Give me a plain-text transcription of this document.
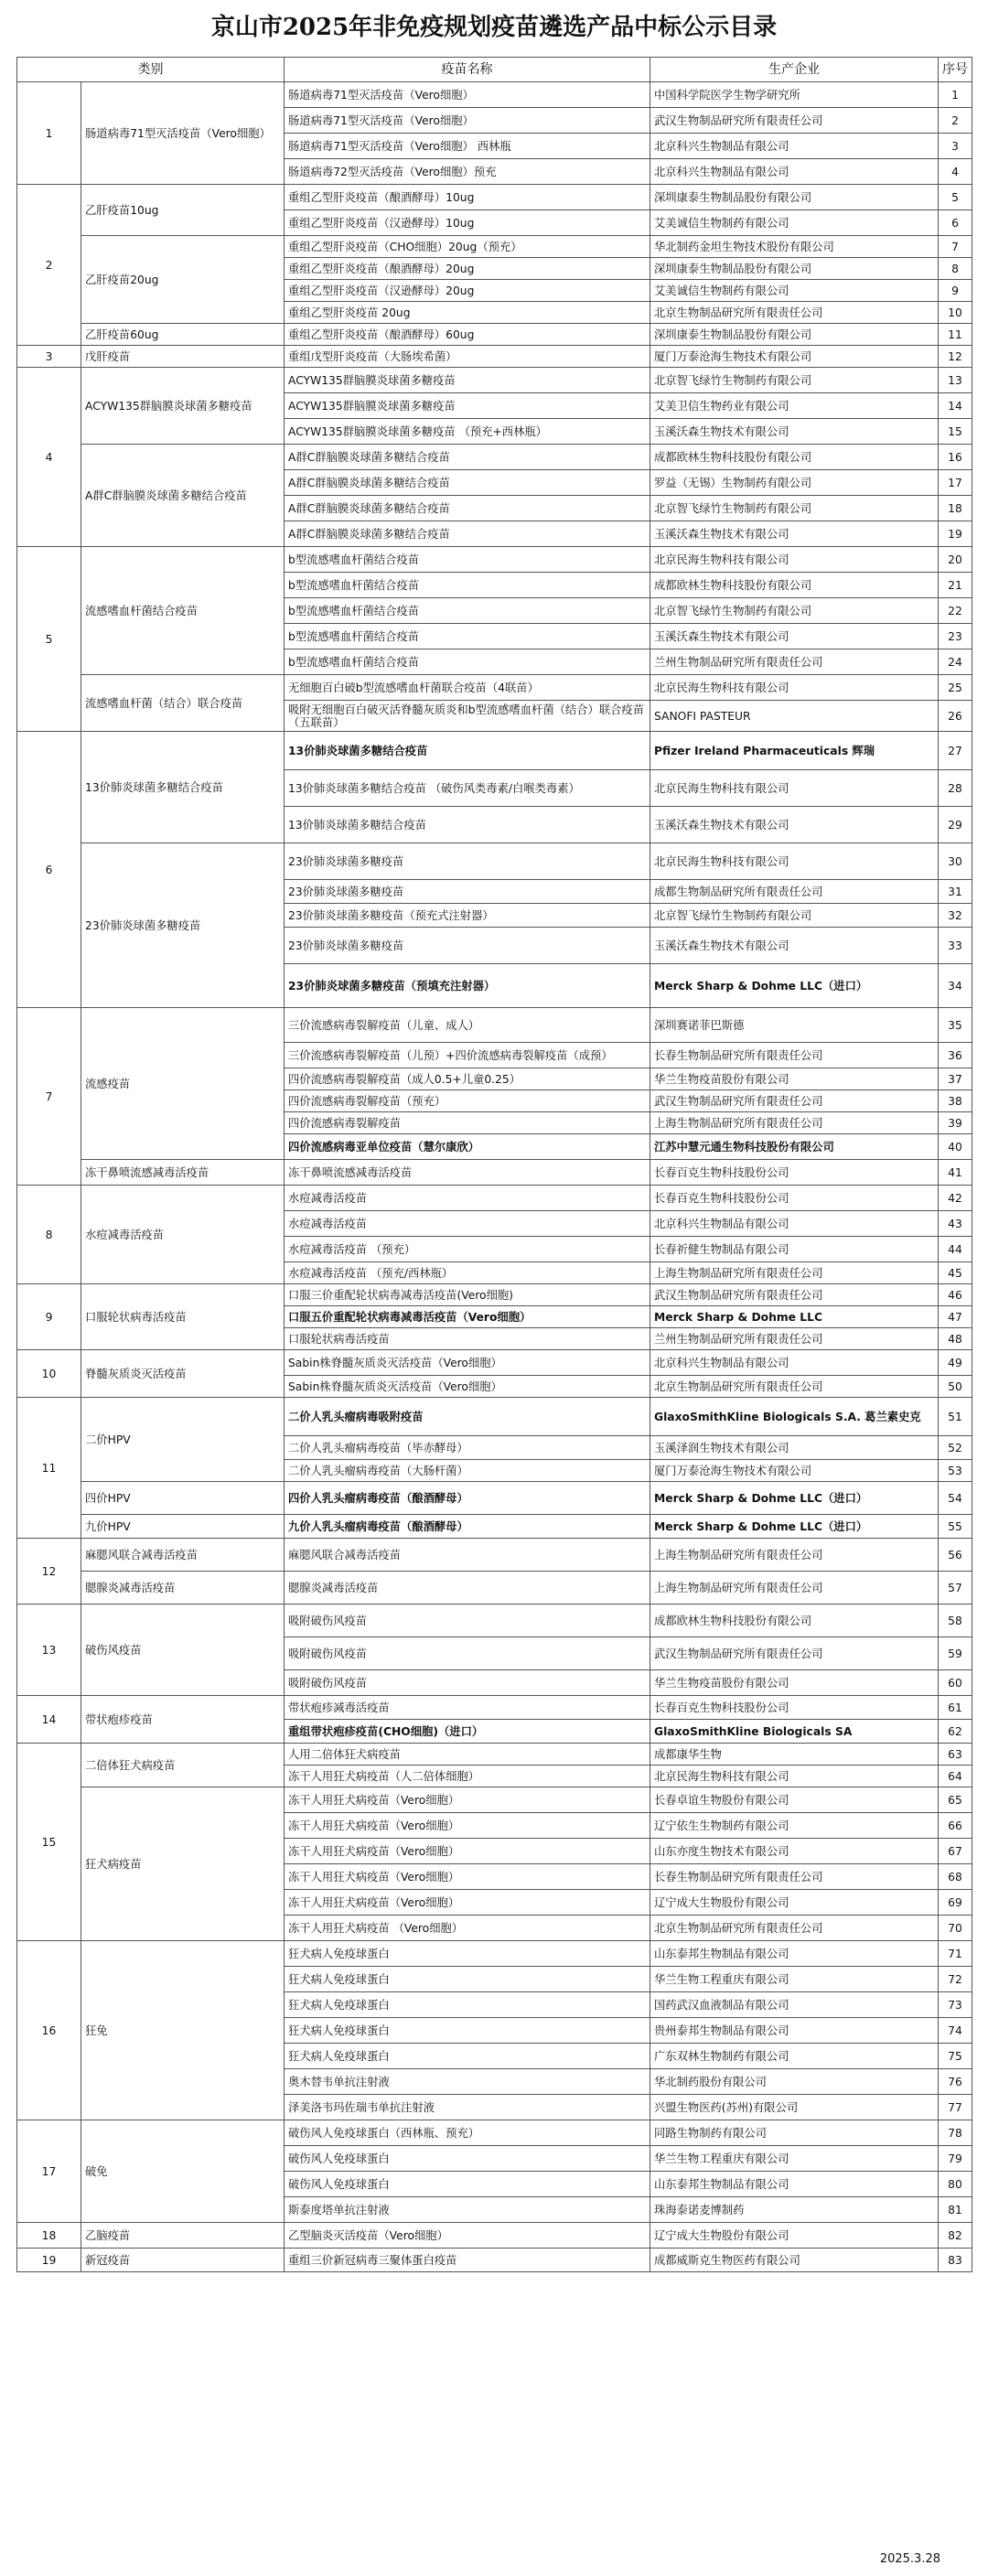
京山市2025年非免疫规划疫苗遴选产品中标公示目录
类别		疫苗名称	生产企业	序号
1	肠道病毒71型灭活疫苗（Vero细胞）	肠道病毒71型灭活疫苗（Vero细胞）	中国科学院医学生物学研究所	1
		肠道病毒71型灭活疫苗（Vero细胞）	武汉生物制品研究所有限责任公司	2
		肠道病毒71型灭活疫苗（Vero细胞） 西林瓶	北京科兴生物制品有限公司	3
		肠道病毒72型灭活疫苗（Vero细胞）预充	北京科兴生物制品有限公司	4
2	乙肝疫苗10ug	重组乙型肝炎疫苗（酿酒酵母）10ug	深圳康泰生物制品股份有限公司	5
		重组乙型肝炎疫苗（汉逊酵母）10ug	艾美诚信生物制药有限公司	6
	乙肝疫苗20ug	重组乙型肝炎疫苗（CHO细胞）20ug（预充）	华北制药金坦生物技术股份有限公司	7
		重组乙型肝炎疫苗（酿酒酵母）20ug	深圳康泰生物制品股份有限公司	8
		重组乙型肝炎疫苗（汉逊酵母）20ug	艾美诚信生物制药有限公司	9
		重组乙型肝炎疫苗 20ug	北京生物制品研究所有限责任公司	10
	乙肝疫苗60ug	重组乙型肝炎疫苗（酿酒酵母）60ug	深圳康泰生物制品股份有限公司	11
3	戊肝疫苗	重组戊型肝炎疫苗（大肠埃希菌）	厦门万泰沧海生物技术有限公司	12
4	ACYW135群脑膜炎球菌多糖疫苗	ACYW135群脑膜炎球菌多糖疫苗	北京智飞绿竹生物制药有限公司	13
		ACYW135群脑膜炎球菌多糖疫苗	艾美卫信生物药业有限公司	14
		ACYW135群脑膜炎球菌多糖疫苗 （预充+西林瓶）	玉溪沃森生物技术有限公司	15
	A群C群脑膜炎球菌多糖结合疫苗	A群C群脑膜炎球菌多糖结合疫苗	成都欧林生物科技股份有限公司	16
		A群C群脑膜炎球菌多糖结合疫苗	罗益（无锡）生物制药有限公司	17
		A群C群脑膜炎球菌多糖结合疫苗	北京智飞绿竹生物制药有限公司	18
		A群C群脑膜炎球菌多糖结合疫苗	玉溪沃森生物技术有限公司	19
5	流感嗜血杆菌结合疫苗	b型流感嗜血杆菌结合疫苗	北京民海生物科技有限公司	20
		b型流感嗜血杆菌结合疫苗	成都欧林生物科技股份有限公司	21
		b型流感嗜血杆菌结合疫苗	北京智飞绿竹生物制药有限公司	22
		b型流感嗜血杆菌结合疫苗	玉溪沃森生物技术有限公司	23
		b型流感嗜血杆菌结合疫苗	兰州生物制品研究所有限责任公司	24
	流感嗜血杆菌（结合）联合疫苗	无细胞百白破b型流感嗜血杆菌联合疫苗（4联苗）	北京民海生物科技有限公司	25
		吸附无细胞百白破灭活脊髓灰质炎和b型流感嗜血杆菌（结合）联合疫苗（五联苗）	SANOFI PASTEUR	26
6	13价肺炎球菌多糖结合疫苗	13价肺炎球菌多糖结合疫苗	Pfizer Ireland Pharmaceuticals 辉瑞	27
		13价肺炎球菌多糖结合疫苗 （破伤风类毒素/白喉类毒素）	北京民海生物科技有限公司	28
		13价肺炎球菌多糖结合疫苗	玉溪沃森生物技术有限公司	29
	23价肺炎球菌多糖疫苗	23价肺炎球菌多糖疫苗	北京民海生物科技有限公司	30
		23价肺炎球菌多糖疫苗	成都生物制品研究所有限责任公司	31
		23价肺炎球菌多糖疫苗（预充式注射器）	北京智飞绿竹生物制药有限公司	32
		23价肺炎球菌多糖疫苗	玉溪沃森生物技术有限公司	33
		23价肺炎球菌多糖疫苗（预填充注射器）	Merck Sharp & Dohme LLC（进口）	34
7	流感疫苗	三价流感病毒裂解疫苗（儿童、成人）	深圳赛诺菲巴斯德	35
		三价流感病毒裂解疫苗（儿预）+四价流感病毒裂解疫苗（成预）	长春生物制品研究所有限责任公司	36
		四价流感病毒裂解疫苗（成人0.5+儿童0.25）	华兰生物疫苗股份有限公司	37
		四价流感病毒裂解疫苗（预充）	武汉生物制品研究所有限责任公司	38
		四价流感病毒裂解疫苗	上海生物制品研究所有限责任公司	39
		四价流感病毒亚单位疫苗（慧尔康欣）	江苏中慧元通生物科技股份有限公司	40
	冻干鼻喷流感减毒活疫苗	冻干鼻喷流感减毒活疫苗	长春百克生物科技股份公司	41
8	水痘减毒活疫苗	水痘减毒活疫苗	长春百克生物科技股份公司	42
		水痘减毒活疫苗	北京科兴生物制品有限公司	43
		水痘减毒活疫苗 （预充）	长春祈健生物制品有限公司	44
		水痘减毒活疫苗 （预充/西林瓶）	上海生物制品研究所有限责任公司	45
9	口服轮状病毒活疫苗	口服三价重配轮状病毒减毒活疫苗(Vero细胞)	武汉生物制品研究所有限责任公司	46
		口服五价重配轮状病毒减毒活疫苗（Vero细胞）	Merck Sharp & Dohme LLC	47
		口服轮状病毒活疫苗	兰州生物制品研究所有限责任公司	48
10	脊髓灰质炎灭活疫苗	Sabin株脊髓灰质炎灭活疫苗（Vero细胞）	北京科兴生物制品有限公司	49
		Sabin株脊髓灰质炎灭活疫苗（Vero细胞）	北京生物制品研究所有限责任公司	50
11	二价HPV	二价人乳头瘤病毒吸附疫苗	GlaxoSmithKline Biologicals S.A. 葛兰素史克	51
		二价人乳头瘤病毒疫苗（毕赤酵母）	玉溪泽润生物技术有限公司	52
		二价人乳头瘤病毒疫苗（大肠杆菌）	厦门万泰沧海生物技术有限公司	53
	四价HPV	四价人乳头瘤病毒疫苗（酿酒酵母）	Merck Sharp & Dohme LLC（进口）	54
	九价HPV	九价人乳头瘤病毒疫苗（酿酒酵母）	Merck Sharp & Dohme LLC（进口）	55
12	麻腮风联合减毒活疫苗	麻腮风联合减毒活疫苗	上海生物制品研究所有限责任公司	56
	腮腺炎减毒活疫苗	腮腺炎减毒活疫苗	上海生物制品研究所有限责任公司	57
13	破伤风疫苗	吸附破伤风疫苗	成都欧林生物科技股份有限公司	58
		吸附破伤风疫苗	武汉生物制品研究所有限责任公司	59
		吸附破伤风疫苗	华兰生物疫苗股份有限公司	60
14	带状疱疹疫苗	带状疱疹减毒活疫苗	长春百克生物科技股份公司	61
		重组带状疱疹疫苗(CHO细胞)（进口）	GlaxoSmithKline Biologicals SA	62
15	二倍体狂犬病疫苗	人用二倍体狂犬病疫苗	成都康华生物	63
		冻干人用狂犬病疫苗（人二倍体细胞）	北京民海生物科技有限公司	64
	狂犬病疫苗	冻干人用狂犬病疫苗（Vero细胞）	长春卓谊生物股份有限公司	65
		冻干人用狂犬病疫苗（Vero细胞）	辽宁依生生物制药有限公司	66
		冻干人用狂犬病疫苗（Vero细胞）	山东亦度生物技术有限公司	67
		冻干人用狂犬病疫苗（Vero细胞）	长春生物制品研究所有限责任公司	68
		冻干人用狂犬病疫苗（Vero细胞）	辽宁成大生物股份有限公司	69
		冻干人用狂犬病疫苗 （Vero细胞）	北京生物制品研究所有限责任公司	70
16	狂免	狂犬病人免疫球蛋白	山东泰邦生物制品有限公司	71
		狂犬病人免疫球蛋白	华兰生物工程重庆有限公司	72
		狂犬病人免疫球蛋白	国药武汉血液制品有限公司	73
		狂犬病人免疫球蛋白	贵州泰邦生物制品有限公司	74
		狂犬病人免疫球蛋白	广东双林生物制药有限公司	75
		奥木替韦单抗注射液	华北制药股份有限公司	76
		泽美洛韦玛佐瑞韦单抗注射液	兴盟生物医药(苏州)有限公司	77
17	破免	破伤风人免疫球蛋白（西林瓶、预充）	同路生物制药有限公司	78
		破伤风人免疫球蛋白	华兰生物工程重庆有限公司	79
		破伤风人免疫球蛋白	山东泰邦生物制品有限公司	80
		斯泰度塔单抗注射液	珠海泰诺麦博制药	81
18	乙脑疫苗	乙型脑炎灭活疫苗（Vero细胞）	辽宁成大生物股份有限公司	82
19	新冠疫苗	重组三价新冠病毒三聚体蛋白疫苗	成都威斯克生物医药有限公司	83
2025.3.28
